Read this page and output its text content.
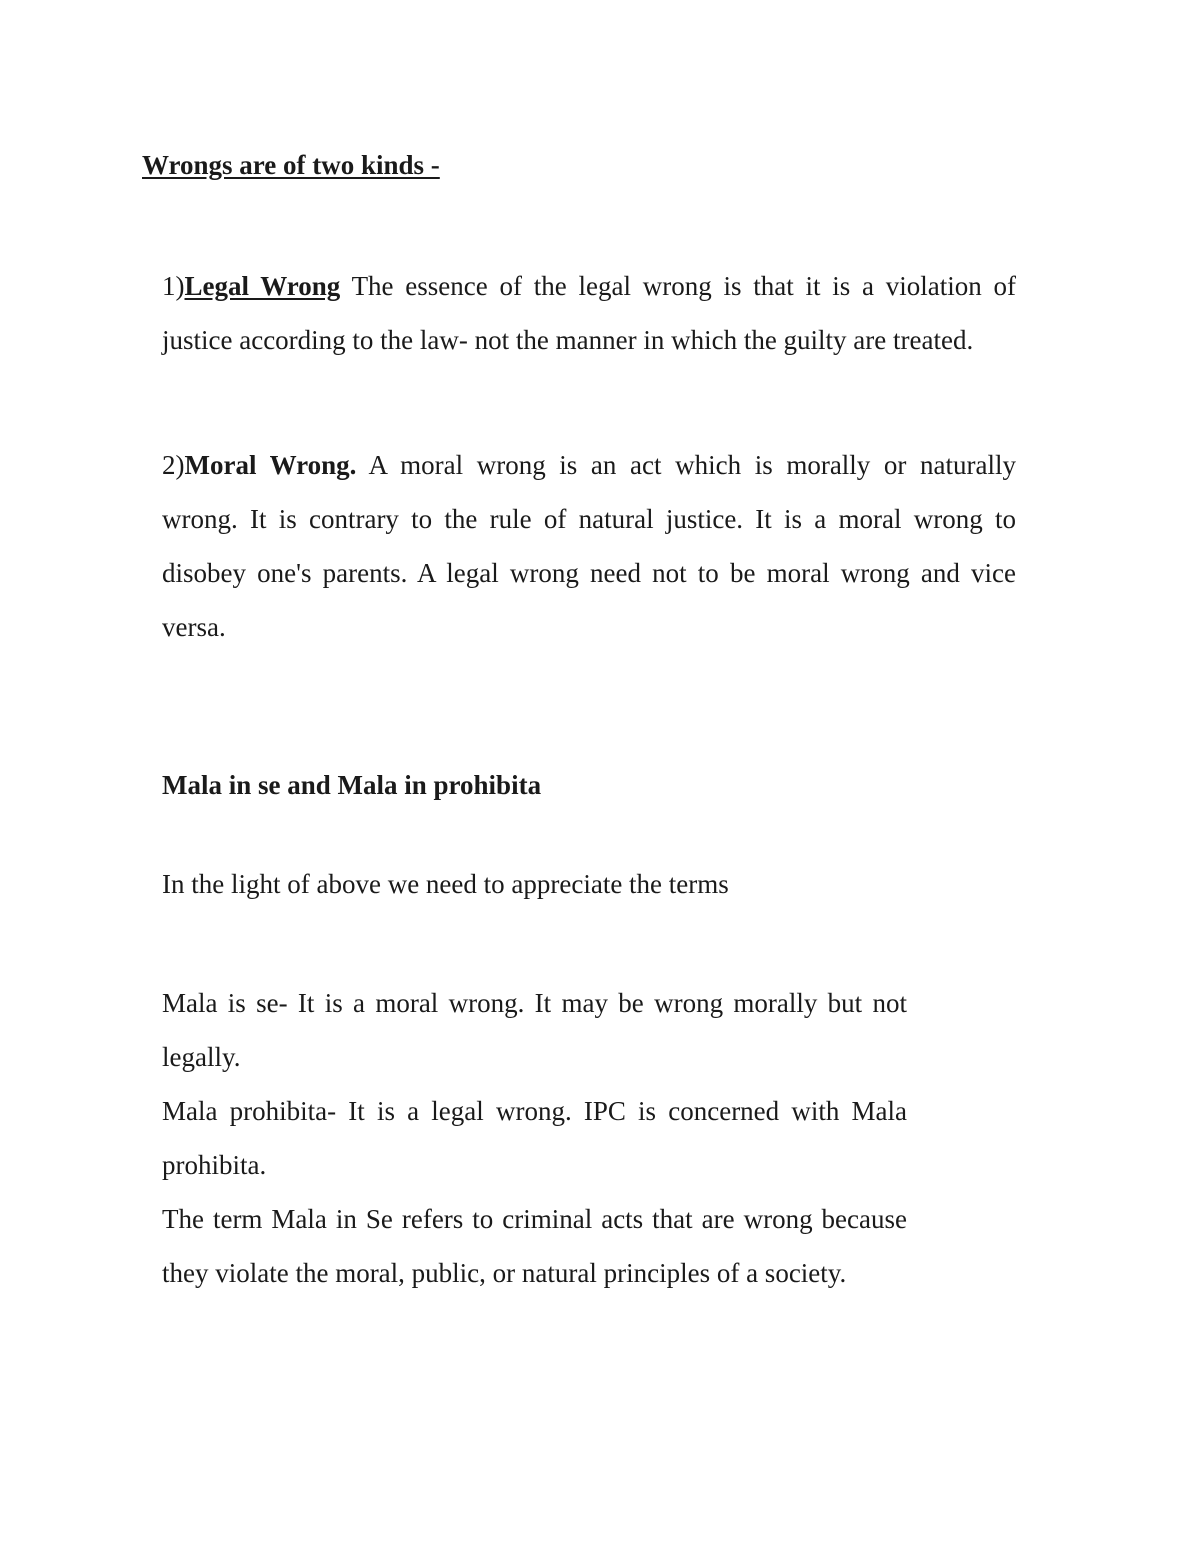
Wrongs are of two kinds -
1)Legal Wrong The essence of the legal wrong is that it is a violation of justice according to the law- not the manner in which the guilty are treated.
2)Moral Wrong. A moral wrong is an act which is morally or naturally wrong. It is contrary to the rule of natural justice. It is a moral wrong to disobey one's parents. A legal wrong need not to be moral wrong and vice versa.
Mala in se and Mala in prohibita
In the light of above we need to appreciate the terms
Mala is se- It is a moral wrong. It may be wrong morally but not legally.
Mala prohibita- It is a legal wrong. IPC is concerned with Mala prohibita.
The term Mala in Se refers to criminal acts that are wrong because they violate the moral, public, or natural principles of a society.
